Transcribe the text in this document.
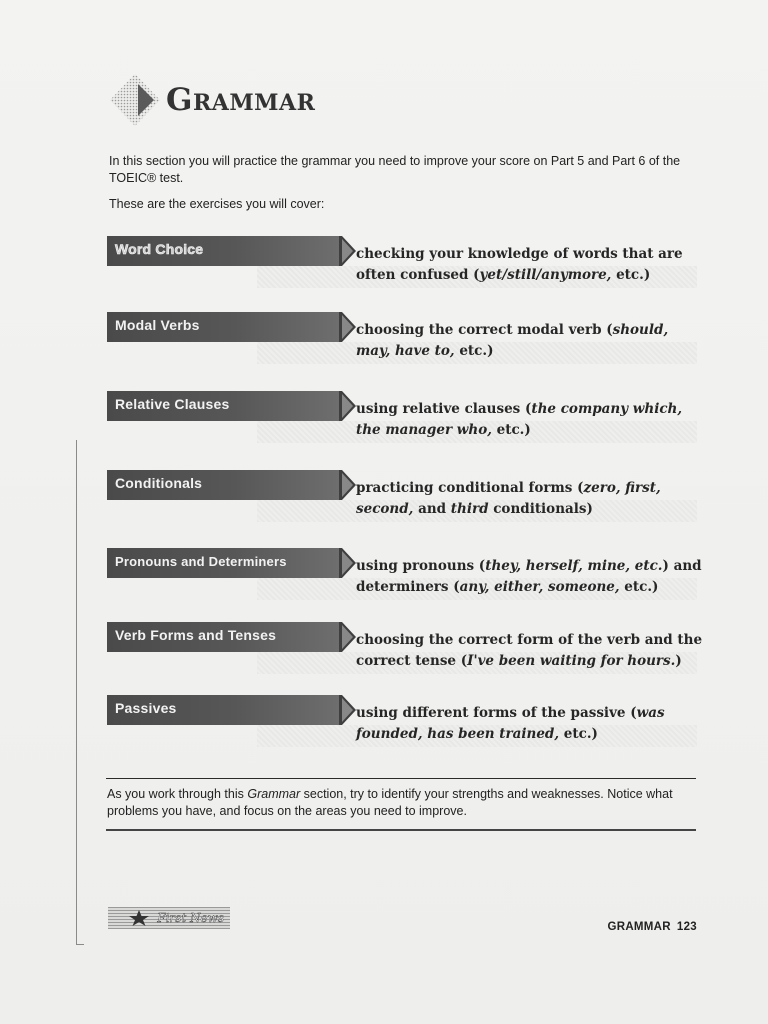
Grammar

In this section you will practice the grammar you need to improve your score on Part 5 and Part 6 of the TOEIC® test.

These are the exercises you will cover:

Word Choice	checking your knowledge of words that are often confused (yet/still/anymore, etc.)
Modal Verbs	choosing the correct modal verb (should, may, have to, etc.)
Relative Clauses	using relative clauses (the company which, the manager who, etc.)
Conditionals	practicing conditional forms (zero, first, second, and third conditionals)
Pronouns and Determiners	using pronouns (they, herself, mine, etc.) and determiners (any, either, someone, etc.)
Verb Forms and Tenses	choosing the correct form of the verb and the correct tense (I've been waiting for hours.)
Passives	using different forms of the passive (was founded, has been trained, etc.)

As you work through this Grammar section, try to identify your strengths and weaknesses. Notice what problems you have, and focus on the areas you need to improve.

First News
GRAMMAR 123
